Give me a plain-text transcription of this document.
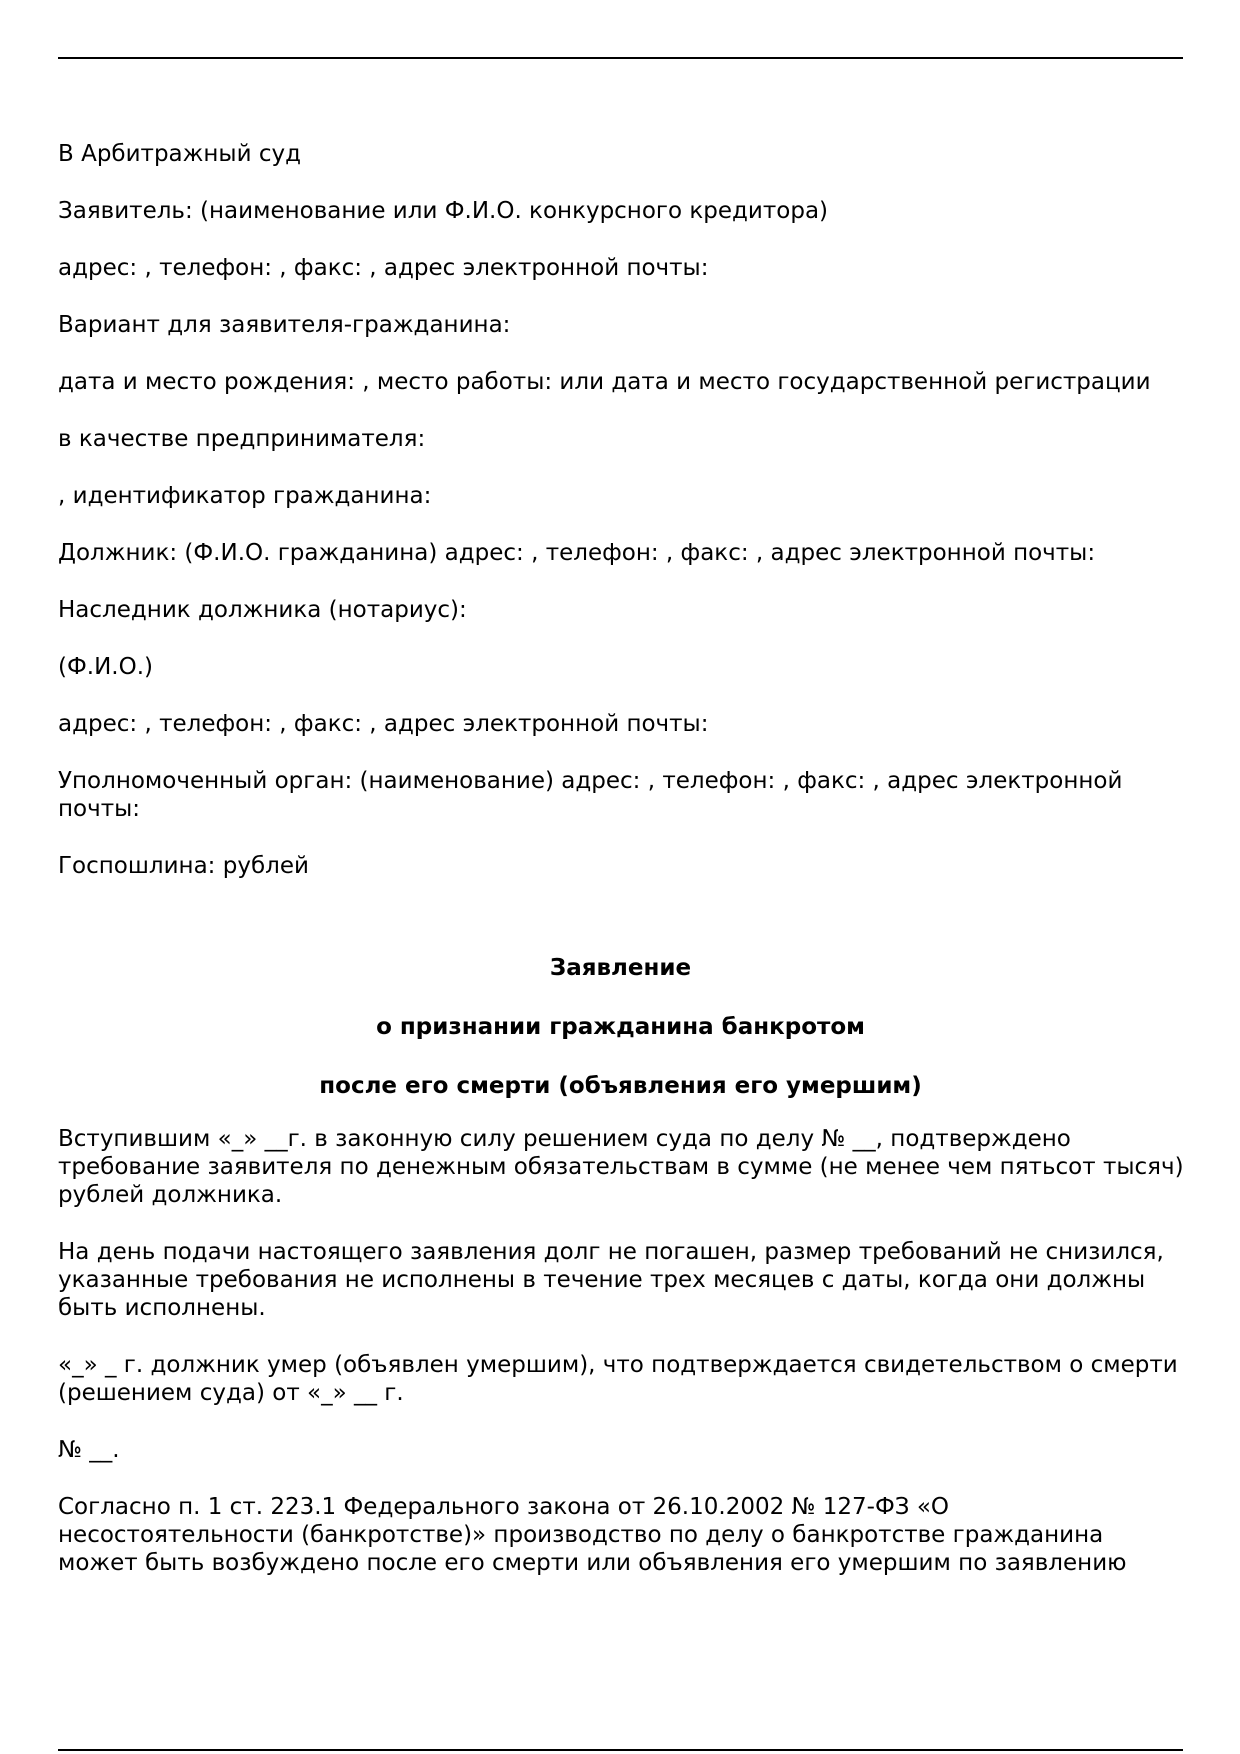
В Арбитражный суд

Заявитель: (наименование или Ф.И.О. конкурсного кредитора)

адрес: , телефон: , факс: , адрес электронной почты:

Вариант для заявителя-гражданина:

дата и место рождения: , место работы: или дата и место государственной регистрации

в качестве предпринимателя:

, идентификатор гражданина:

Должник: (Ф.И.О. гражданина) адрес: , телефон: , факс: , адрес электронной почты:

Наследник должника (нотариус):

(Ф.И.О.)

адрес: , телефон: , факс: , адрес электронной почты:

Уполномоченный орган: (наименование) адрес: , телефон: , факс: , адрес электронной

почты:

Госпошлина: рублей

Заявление

о признании гражданина банкротом

после его смерти (объявления его умершим)

Вступившим «_» __г. в законную силу решением суда по делу № __, подтверждено

требование заявителя по денежным обязательствам в сумме (не менее чем пятьсот тысяч)

рублей должника.

На день подачи настоящего заявления долг не погашен, размер требований не снизился,

указанные требования не исполнены в течение трех месяцев с даты, когда они должны

быть исполнены.

«_» _ г. должник умер (объявлен умершим), что подтверждается свидетельством о смерти

(решением суда) от «_» __ г.

№ __.

Согласно п. 1 ст. 223.1 Федерального закона от 26.10.2002 № 127-ФЗ «О

несостоятельности (банкротстве)» производство по делу о банкротстве гражданина

может быть возбуждено после его смерти или объявления его умершим по заявлению
